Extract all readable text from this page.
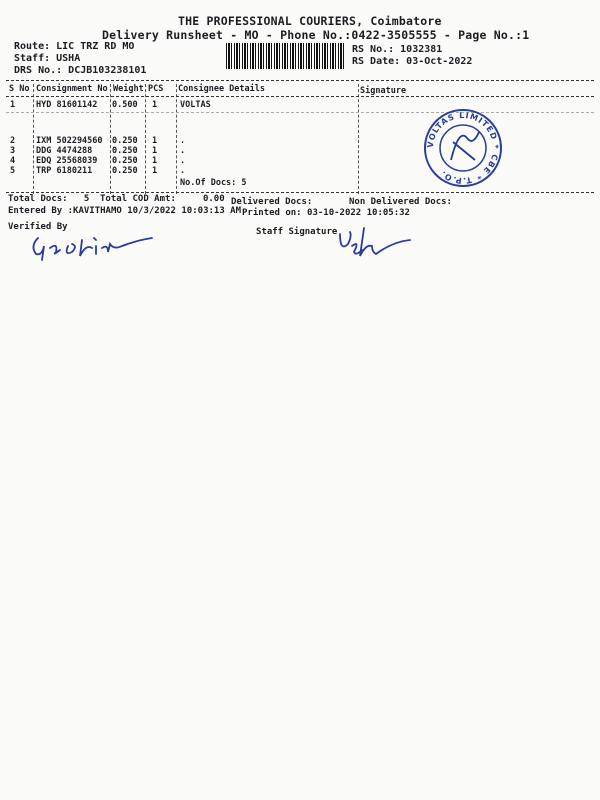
THE PROFESSIONAL COURIERS, Coimbatore
Delivery Runsheet - MO - Phone No.:0422-3505555 - Page No.:1
Route: LIC TRZ RD MO
Staff: USHA
DRS No.: DCJB103238101
RS No.: 1032381
RS Date: 03-Oct-2022
S No Consignment No Weight PCS Consignee Details	Signature
1 HYD 81601142 0.500 1	VOLTAS
2 IXM 502294560 0.250 1	.
3 DDG 4474288 0.250 1	.
4 EDQ 25568039 0.250 1	.
5 TRP 6180211 0.250 1	.
No.Of Docs: 5
VOLTAS LIMITED * CBE * T.P.O.
Total Docs:   5 Total COD Amt:     0.00 Delivered Docs:	Non Delivered Docs:
Entered By :KAVITHAMO 10/3/2022 10:03:13 AM Printed on: 03-10-2022 10:05:32
Verified By	Staff Signature
